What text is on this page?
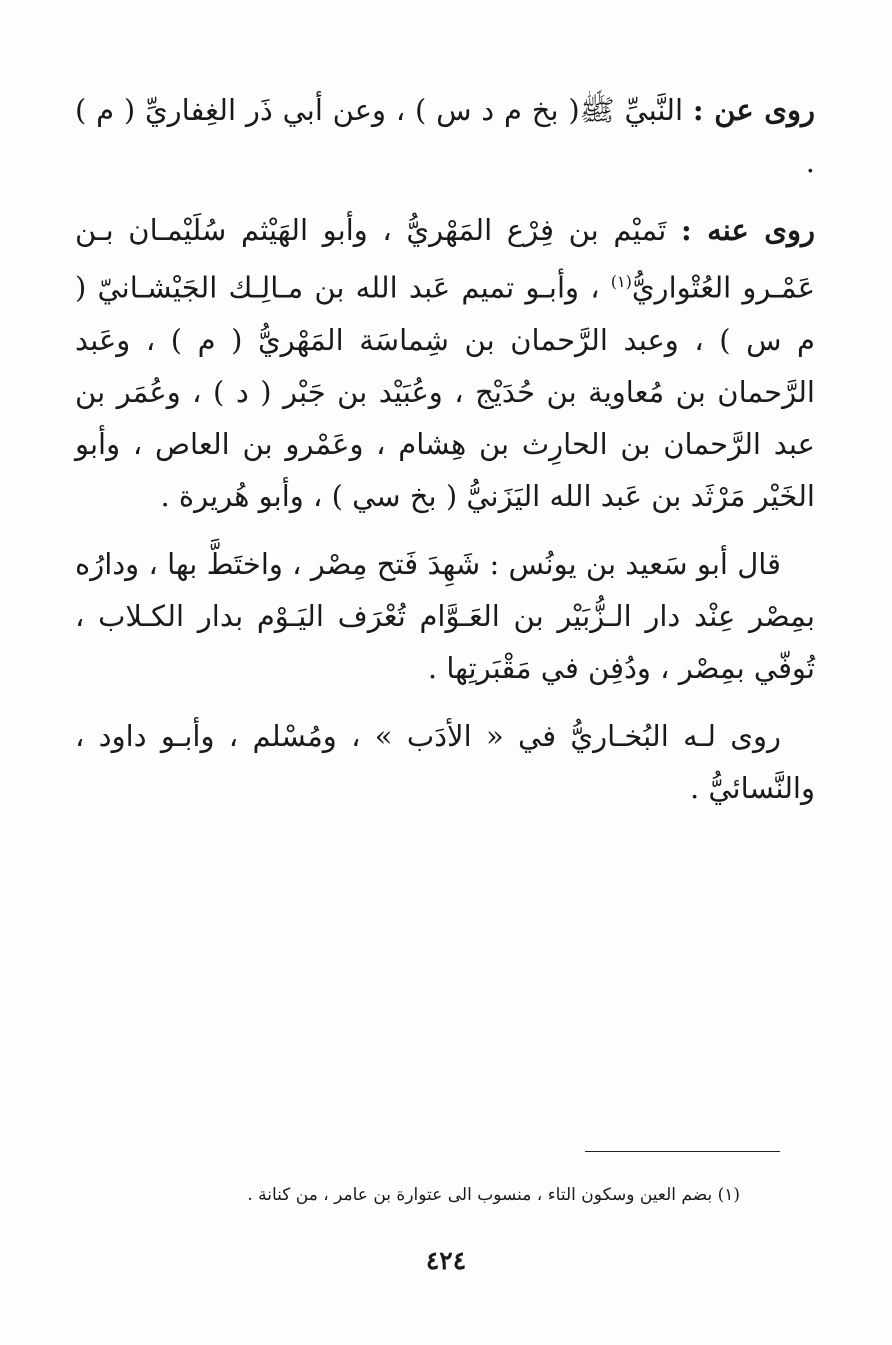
روى عن : النَّبيِّ ﷺ( بخ م د س ) ، وعن أبي ذَر الغِفاريِّ ( م ) .

روى عنه : تَميْم بن فِرْع المَهْريُّ ، وأبو الهَيْثم سُلَيْمـان بـن عَمْـرو العُتْواريُّ$^{(١)}$ ، وأبـو تميم عَبد الله بن مـالِـك الجَيْشـانيّ ( م س ) ، وعبد الرَّحمان بن شِماسَة المَهْريُّ ( م ) ، وعَبد الرَّحمان بن مُعاوية بن حُدَيْج ، وعُبَيْد بن جَبْر ( د ) ، وعُمَر بن عبد الرَّحمان بن الحارِث بن هِشام ، وعَمْرو بن العاص ، وأبو الخَيْر مَرْثَد بن عَبد الله اليَزَنيُّ ( بخ سي ) ، وأبو هُريرة .

قال أبو سَعيد بن يونُس : شَهِدَ فَتح مِصْر ، واختَطَّ بها ، ودارُه بمِصْر عِنْد دار الـزُّبَيْر بن العَـوَّام تُعْرَف اليَـوْم بدار الكـلاب ، تُوفّي بمِصْر ، ودُفِن في مَقْبَرتِها .

روى لـه البُخـاريُّ في « الأدَب » ، ومُسْلم ، وأبـو داود ، والنَّسائيُّ .

(١) بضم العين وسكون التاء ، منسوب الى عتوارة بن عامر ، من كنانة .
٤٢٤
